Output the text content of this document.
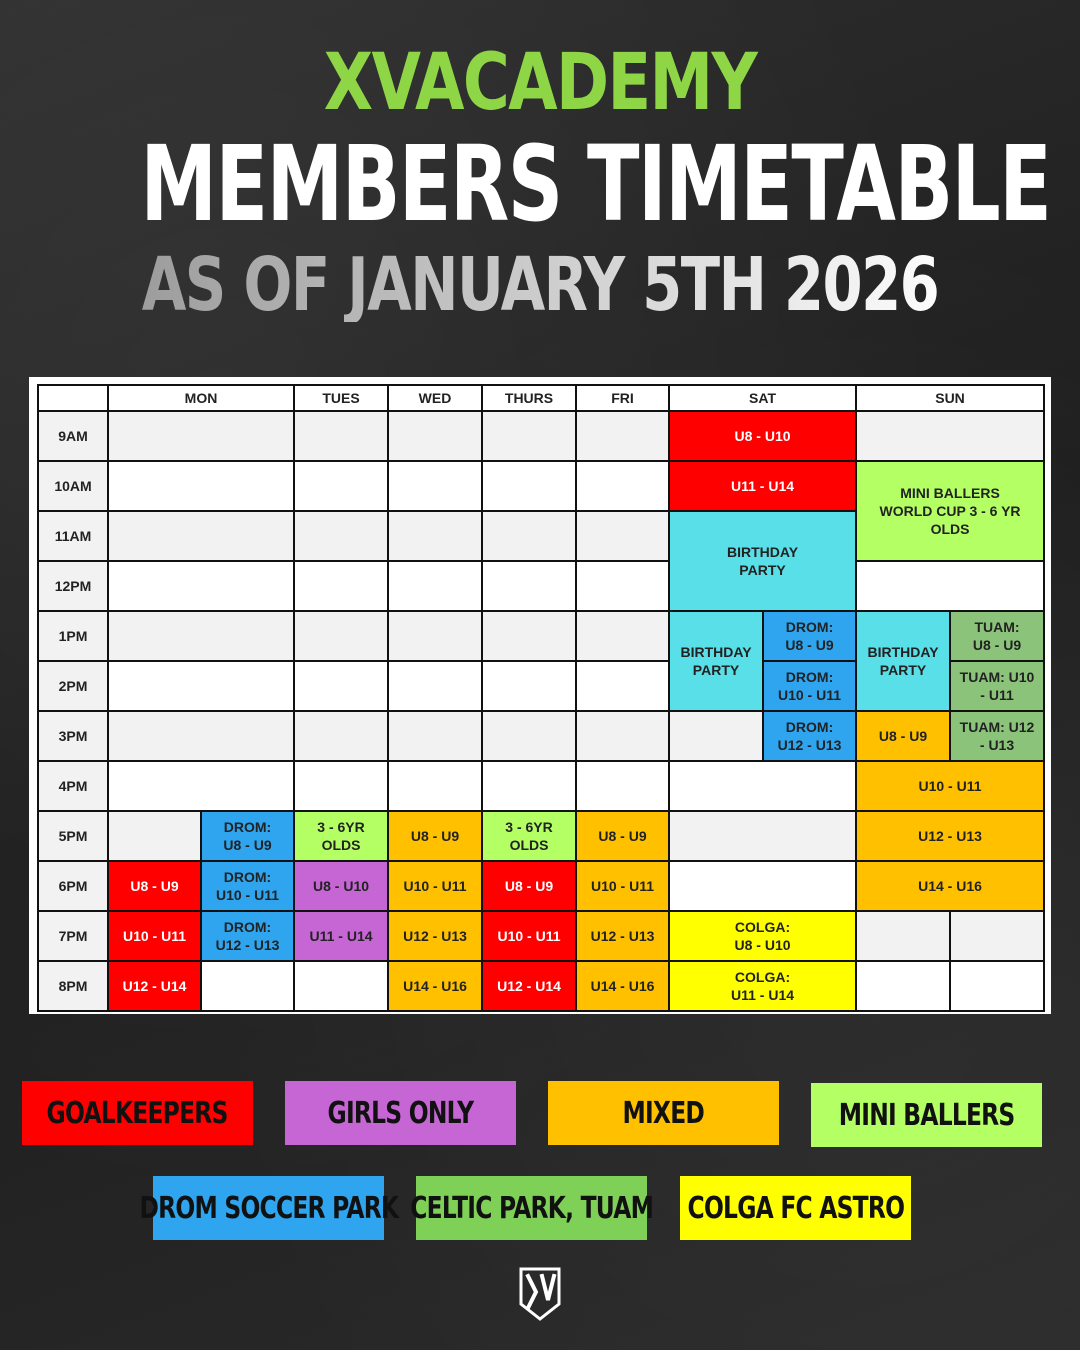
XVACADEMY
MEMBERS TIMETABLE
AS OF JANUARY 5TH 2026
	MON		TUES	WED	THURS	FRI	SAT		SUN	
9AM							U8 - U10			
10AM							U11 - U14		MINI BALLERS WORLD CUP 3 - 6 YR OLDS	
11AM							BIRTHDAY PARTY			
12PM										
1PM							BIRTHDAY PARTY	DROM: U8 - U9	BIRTHDAY PARTY	TUAM: U8 - U9
2PM								DROM: U10 - U11		TUAM: U10 - U11
3PM								DROM: U12 - U13	U8 - U9	TUAM: U12 - U13
4PM									U10 - U11	
5PM		DROM: U8 - U9	3 - 6YR OLDS	U8 - U9	3 - 6YR OLDS	U8 - U9			U12 - U13	
6PM	U8 - U9	DROM: U10 - U11	U8 - U10	U10 - U11	U8 - U9	U10 - U11			U14 - U16	
7PM	U10 - U11	DROM: U12 - U13	U11 - U14	U12 - U13	U10 - U11	U12 - U13	COLGA: U8 - U10			
8PM	U12 - U14			U14 - U16	U12 - U14	U14 - U16	COLGA: U11 - U14			
GOALKEEPERS	GIRLS ONLY	MIXED	MINI BALLERS
DROM SOCCER PARK CELTIC PARK, TUAM COLGA FC ASTRO
